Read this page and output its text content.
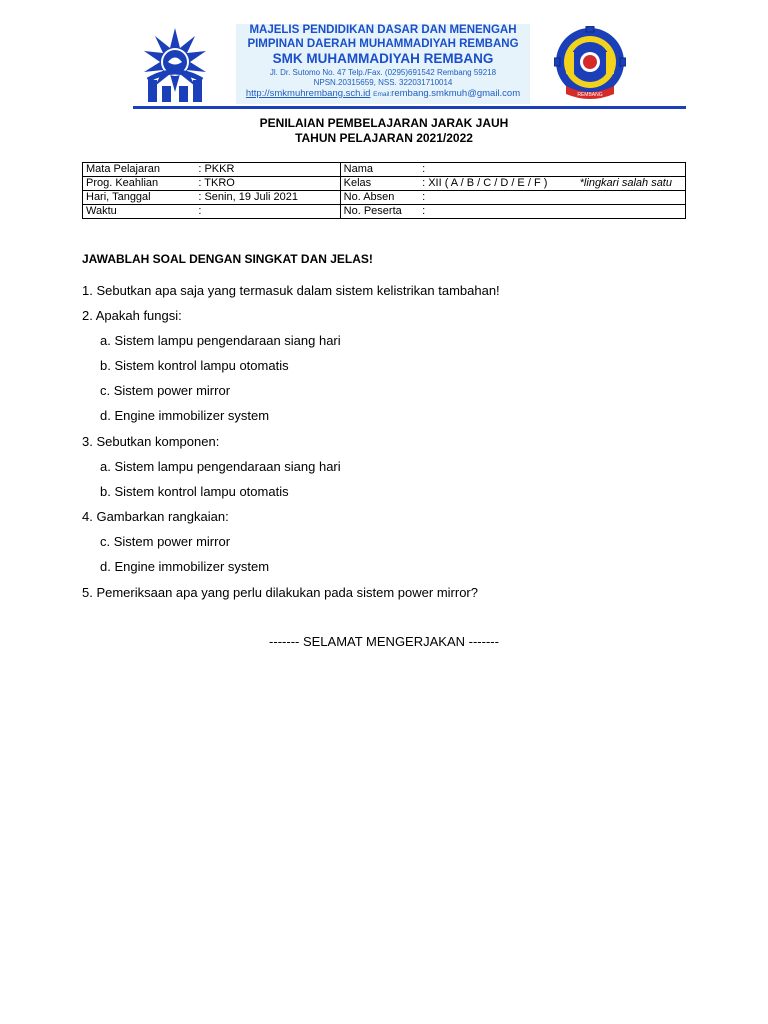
MAJELIS PENDIDIKAN DASAR DAN MENENGAH
PIMPINAN DAERAH MUHAMMADIYAH REMBANG
SMK MUHAMMADIYAH REMBANG
Jl. Dr. Sutomo No. 47 Telp./Fax. (0295)691542 Rembang 59218
NPSN.20315659, NSS. 322031710014
http://smkmuhrembang.sch.id Email:rembang.smkmuh@gmail.com	REMBANG
PENILAIAN PEMBELAJARAN JARAK JAUH
TAHUN PELAJARAN 2021/2022
Mata Pelajaran	: PKKR	Nama	:
Prog. Keahlian	: TKRO	Kelas	: XII ( A / B / C / D / E / F ) *lingkari salah satu

Hari, Tanggal	: Senin, 19 Juli 2021	No. Absen	:
Waktu	:	No. Peserta	:
JAWABLAH SOAL DENGAN SINGKAT DAN JELAS!
1. Sebutkan apa saja yang termasuk dalam sistem kelistrikan tambahan!
2. Apakah fungsi:
a. Sistem lampu pengendaraan siang hari
b. Sistem kontrol lampu otomatis
c. Sistem power mirror
d. Engine immobilizer system
3. Sebutkan komponen:
a. Sistem lampu pengendaraan siang hari
b. Sistem kontrol lampu otomatis
4. Gambarkan rangkaian:
c. Sistem power mirror
d. Engine immobilizer system
5. Pemeriksaan apa yang perlu dilakukan pada sistem power mirror?
------- SELAMAT MENGERJAKAN -------
